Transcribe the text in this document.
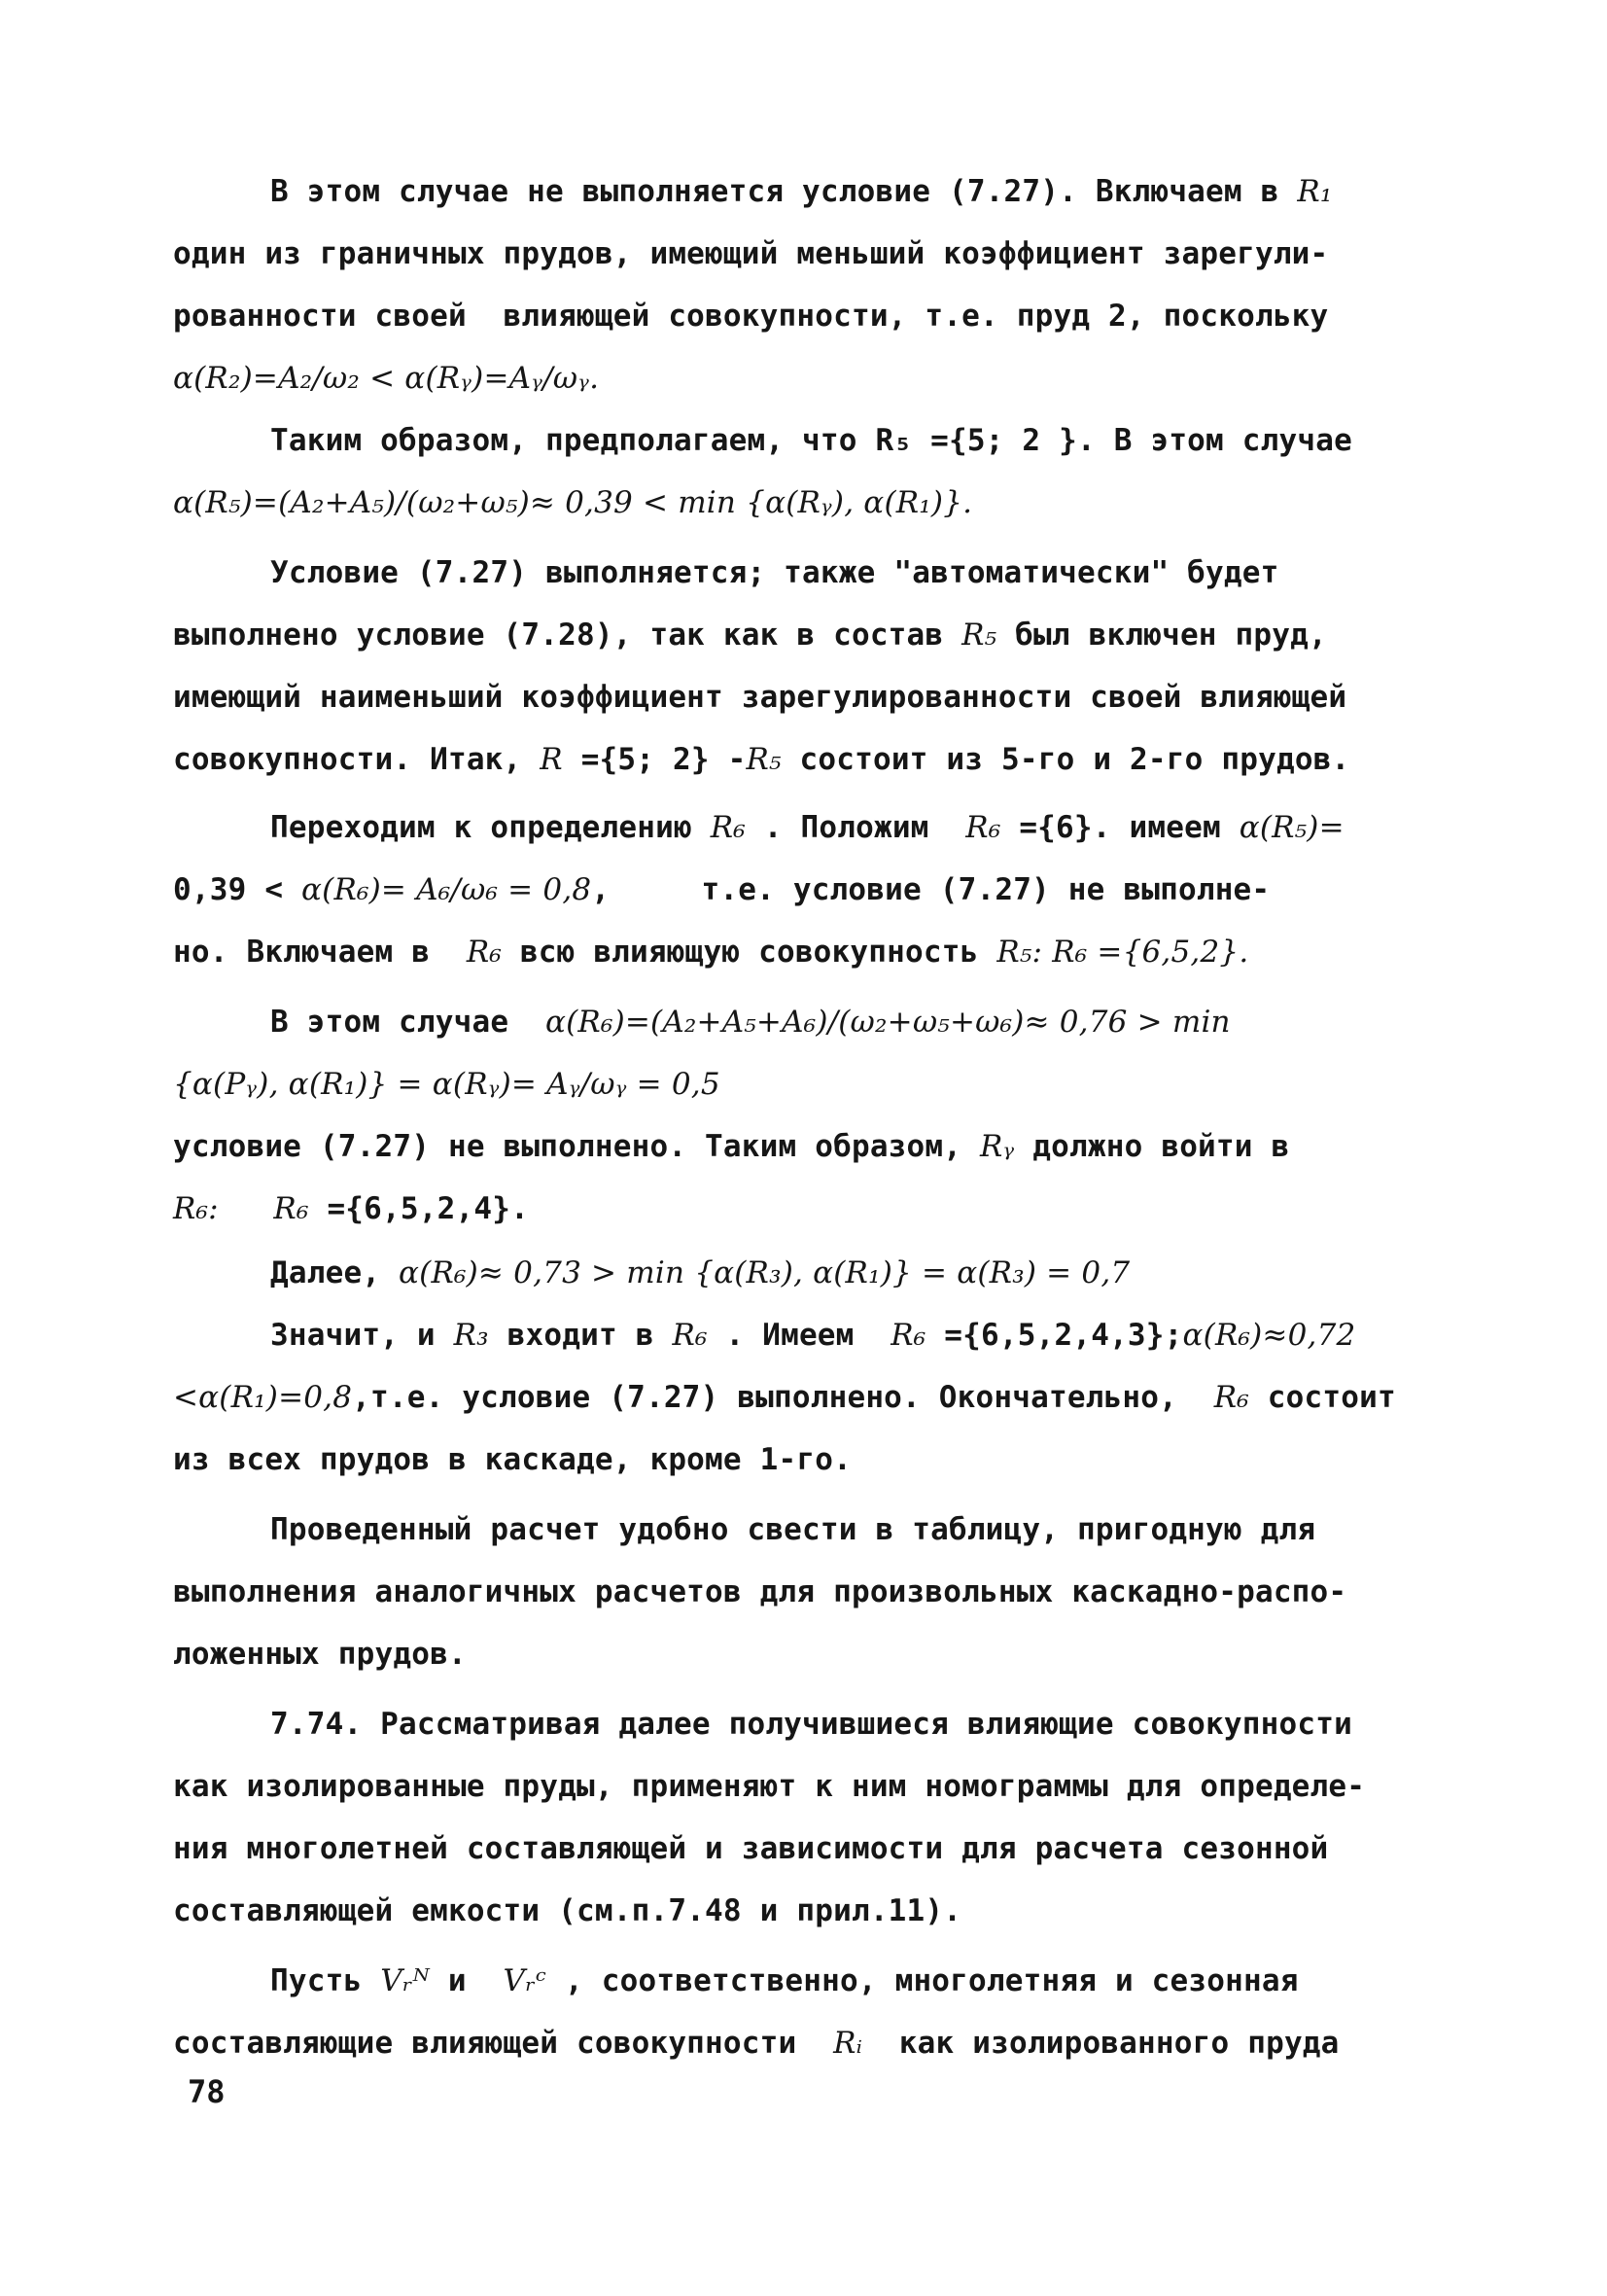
В этом случае не выполняется условие (7.27). Включаем в R₁
один из граничных прудов, имеющий меньший коэффициент зарегули-
рованности своей  влияющей совокупности, т.е. пруд 2, поскольку
α(R₂)=A₂/ω₂ < α(Rᵧ)=Aᵧ/ωᵧ.
Таким образом, предполагаем, что R₅ ={5; 2 }. В этом случае
α(R₅)=(A₂+A₅)/(ω₂+ω₅)≈ 0,39 < min {α(Rᵧ), α(R₁)}.
Условие (7.27) выполняется; также "автоматически" будет
выполнено условие (7.28), так как в состав R₅ был включен пруд,
имеющий наименьший коэффициент зарегулированности своей влияющей
совокупности. Итак, R ={5; 2} -R₅ состоит из 5-го и 2-го прудов.
Переходим к определению R₆ . Положим  R₆ ={6}. имеем α(R₅)=
0,39 < α(R₆)= A₆/ω₆ = 0,8,     т.е. условие (7.27) не выполне-
но. Включаем в  R₆ всю влияющую совокупность R₅: R₆ ={6,5,2}.
В этом случае  α(R₆)=(A₂+A₅+A₆)/(ω₂+ω₅+ω₆)≈ 0,76 > min
{α(Pᵧ), α(R₁)} = α(Rᵧ)= Aᵧ/ωᵧ = 0,5
условие (7.27) не выполнено. Таким образом, Rᵧ должно войти в
R₆: R₆ ={6,5,2,4}.
Далее, α(R₆)≈ 0,73 > min {α(R₃), α(R₁)} = α(R₃) = 0,7
Значит, и R₃ входит в R₆ . Имеем  R₆ ={6,5,2,4,3};α(R₆)≈0,72
<α(R₁)=0,8,т.е. условие (7.27) выполнено. Окончательно,  R₆ состоит
из всех прудов в каскаде, кроме 1-го.
Проведенный расчет удобно свести в таблицу, пригодную для
выполнения аналогичных расчетов для произвольных каскадно-распо-
ложенных прудов.
7.74. Рассматривая далее получившиеся влияющие совокупности
как изолированные пруды, применяют к ним номограммы для определе-
ния многолетней составляющей и зависимости для расчета сезонной
составляющей емкости (см.п.7.48 и прил.11).
Пусть Vᵣᴺ и  Vᵣᶜ , соответственно, многолетняя и сезонная
составляющие влияющей совокупности  Rᵢ  как изолированного пруда
78
